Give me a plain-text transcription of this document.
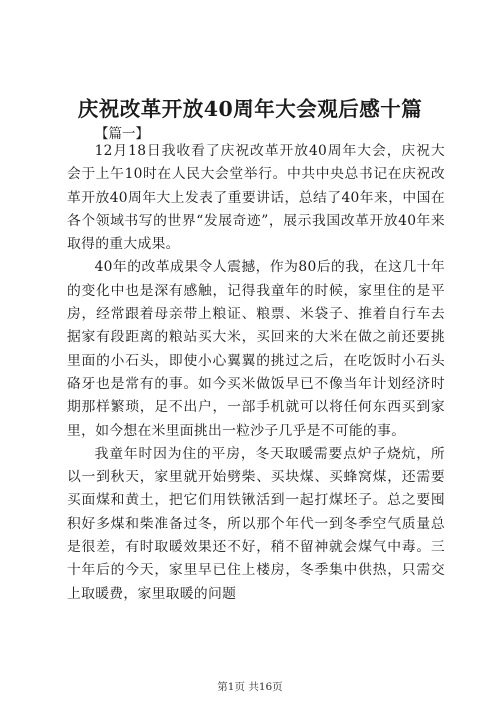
庆祝改革开放40周年大会观后感十篇

【篇一】

12月18日我收看了庆祝改革开放40周年大会，庆祝大会于上午10时在人民大会堂举行。中共中央总书记在庆祝改革开放40周年大上发表了重要讲话，总结了40年来，中国在各个领域书写的世界“发展奇迹”，展示我国改革开放40年来取得的重大成果。

40年的改革成果令人震撼，作为80后的我，在这几十年的变化中也是深有感触，记得我童年的时候，家里住的是平房，经常跟着母亲带上粮证、粮票、米袋子、推着自行车去据家有段距离的粮站买大米，买回来的大米在做之前还要挑里面的小石头，即使小心翼翼的挑过之后，在吃饭时小石头硌牙也是常有的事。如今买米做饭早已不像当年计划经济时期那样繁琐，足不出户，一部手机就可以将任何东西买到家里，如今想在米里面挑出一粒沙子几乎是不可能的事。

我童年时因为住的平房，冬天取暖需要点炉子烧炕，所以一到秋天，家里就开始劈柴、买块煤、买蜂窝煤，还需要买面煤和黄土，把它们用铁锹活到一起打煤坯子。总之要囤积好多煤和柴准备过冬，所以那个年代一到冬季空气质量总是很差，有时取暖效果还不好，稍不留神就会煤气中毒。三十年后的今天，家里早已住上楼房，冬季集中供热，只需交上取暖费，家里取暖的问题

第1页 共16页
